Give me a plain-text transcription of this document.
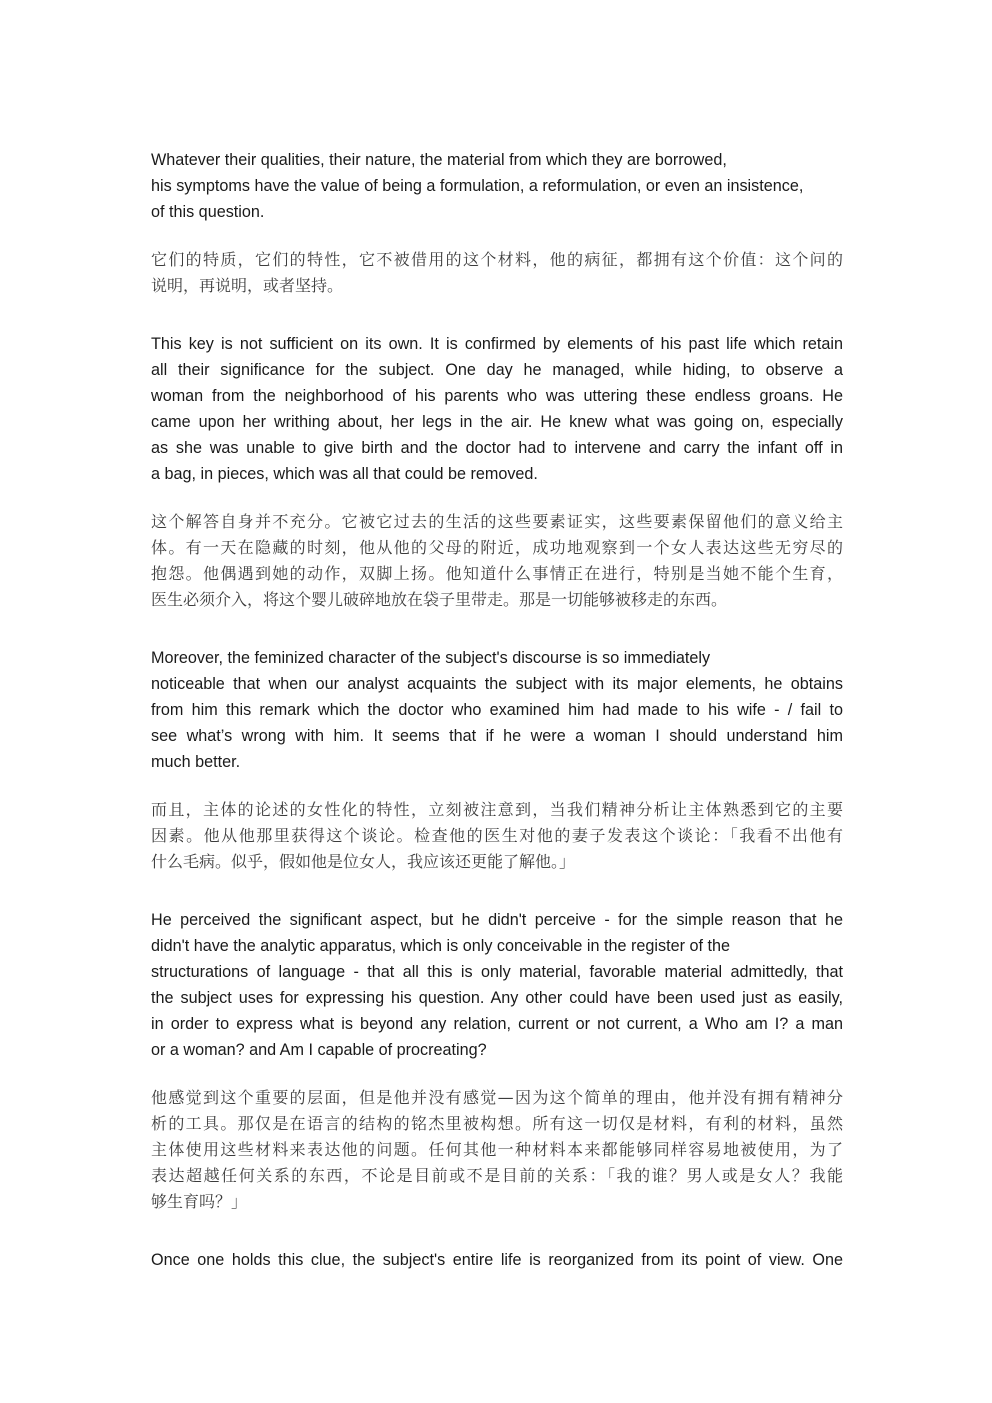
Whatever their qualities, their nature, the material from which they are borrowed,
his symptoms have the value of being a formulation, a reformulation, or even an insistence,
of this question.

它们的特质，它们的特性，它不被借用的这个材料，他的病征，都拥有这个价值：这个问的
说明，再说明，或者坚持。

This key is not sufficient on its own. It is confirmed by elements of his past life which retain
all their significance for the subject. One day he managed, while hiding, to observe a
woman from the neighborhood of his parents who was uttering these endless groans. He
came upon her writhing about, her legs in the air. He knew what was going on, especially
as she was unable to give birth and the doctor had to intervene and carry the infant off in
a bag, in pieces, which was all that could be removed.

这个解答自身并不充分。它被它过去的生活的这些要素证实，这些要素保留他们的意义给主
体。有一天在隐藏的时刻，他从他的父母的附近，成功地观察到一个女人表达这些无穷尽的
抱怨。他偶遇到她的动作，双脚上扬。他知道什么事情正在进行，特别是当她不能个生育，
医生必须介入，将这个婴儿破碎地放在袋子里带走。那是一切能够被移走的东西。

Moreover, the feminized character of the subject's discourse is so immediately
noticeable that when our analyst acquaints the subject with its major elements, he obtains
from him this remark which the doctor who examined him had made to his wife - / fail to
see what’s wrong with him. It seems that if he were a woman I should understand him
much better.

而且，主体的论述的女性化的特性，立刻被注意到，当我们精神分析让主体熟悉到它的主要
因素。他从他那里获得这个谈论。检查他的医生对他的妻子发表这个谈论：「我看不出他有
什么毛病。似乎，假如他是位女人，我应该还更能了解他。」

He perceived the significant aspect, but he didn't perceive - for the simple reason that he
didn't have the analytic apparatus, which is only conceivable in the register of the
structurations of language - that all this is only material, favorable material admittedly, that
the subject uses for expressing his question. Any other could have been used just as easily,
in order to express what is beyond any relation, current or not current, a Who am I? a man
or a woman? and Am I capable of procreating?

他感觉到这个重要的层面，但是他并没有感觉—因为这个简单的理由，他并没有拥有精神分
析的工具。那仅是在语言的结构的铭杰里被构想。所有这一切仅是材料，有利的材料，虽然
主体使用这些材料来表达他的问题。任何其他一种材料本来都能够同样容易地被使用，为了
表达超越任何关系的东西，不论是目前或不是目前的关系：「我的谁？男人或是女人？我能
够生育吗？」

Once one holds this clue, the subject's entire life is reorganized from its point of view. One
